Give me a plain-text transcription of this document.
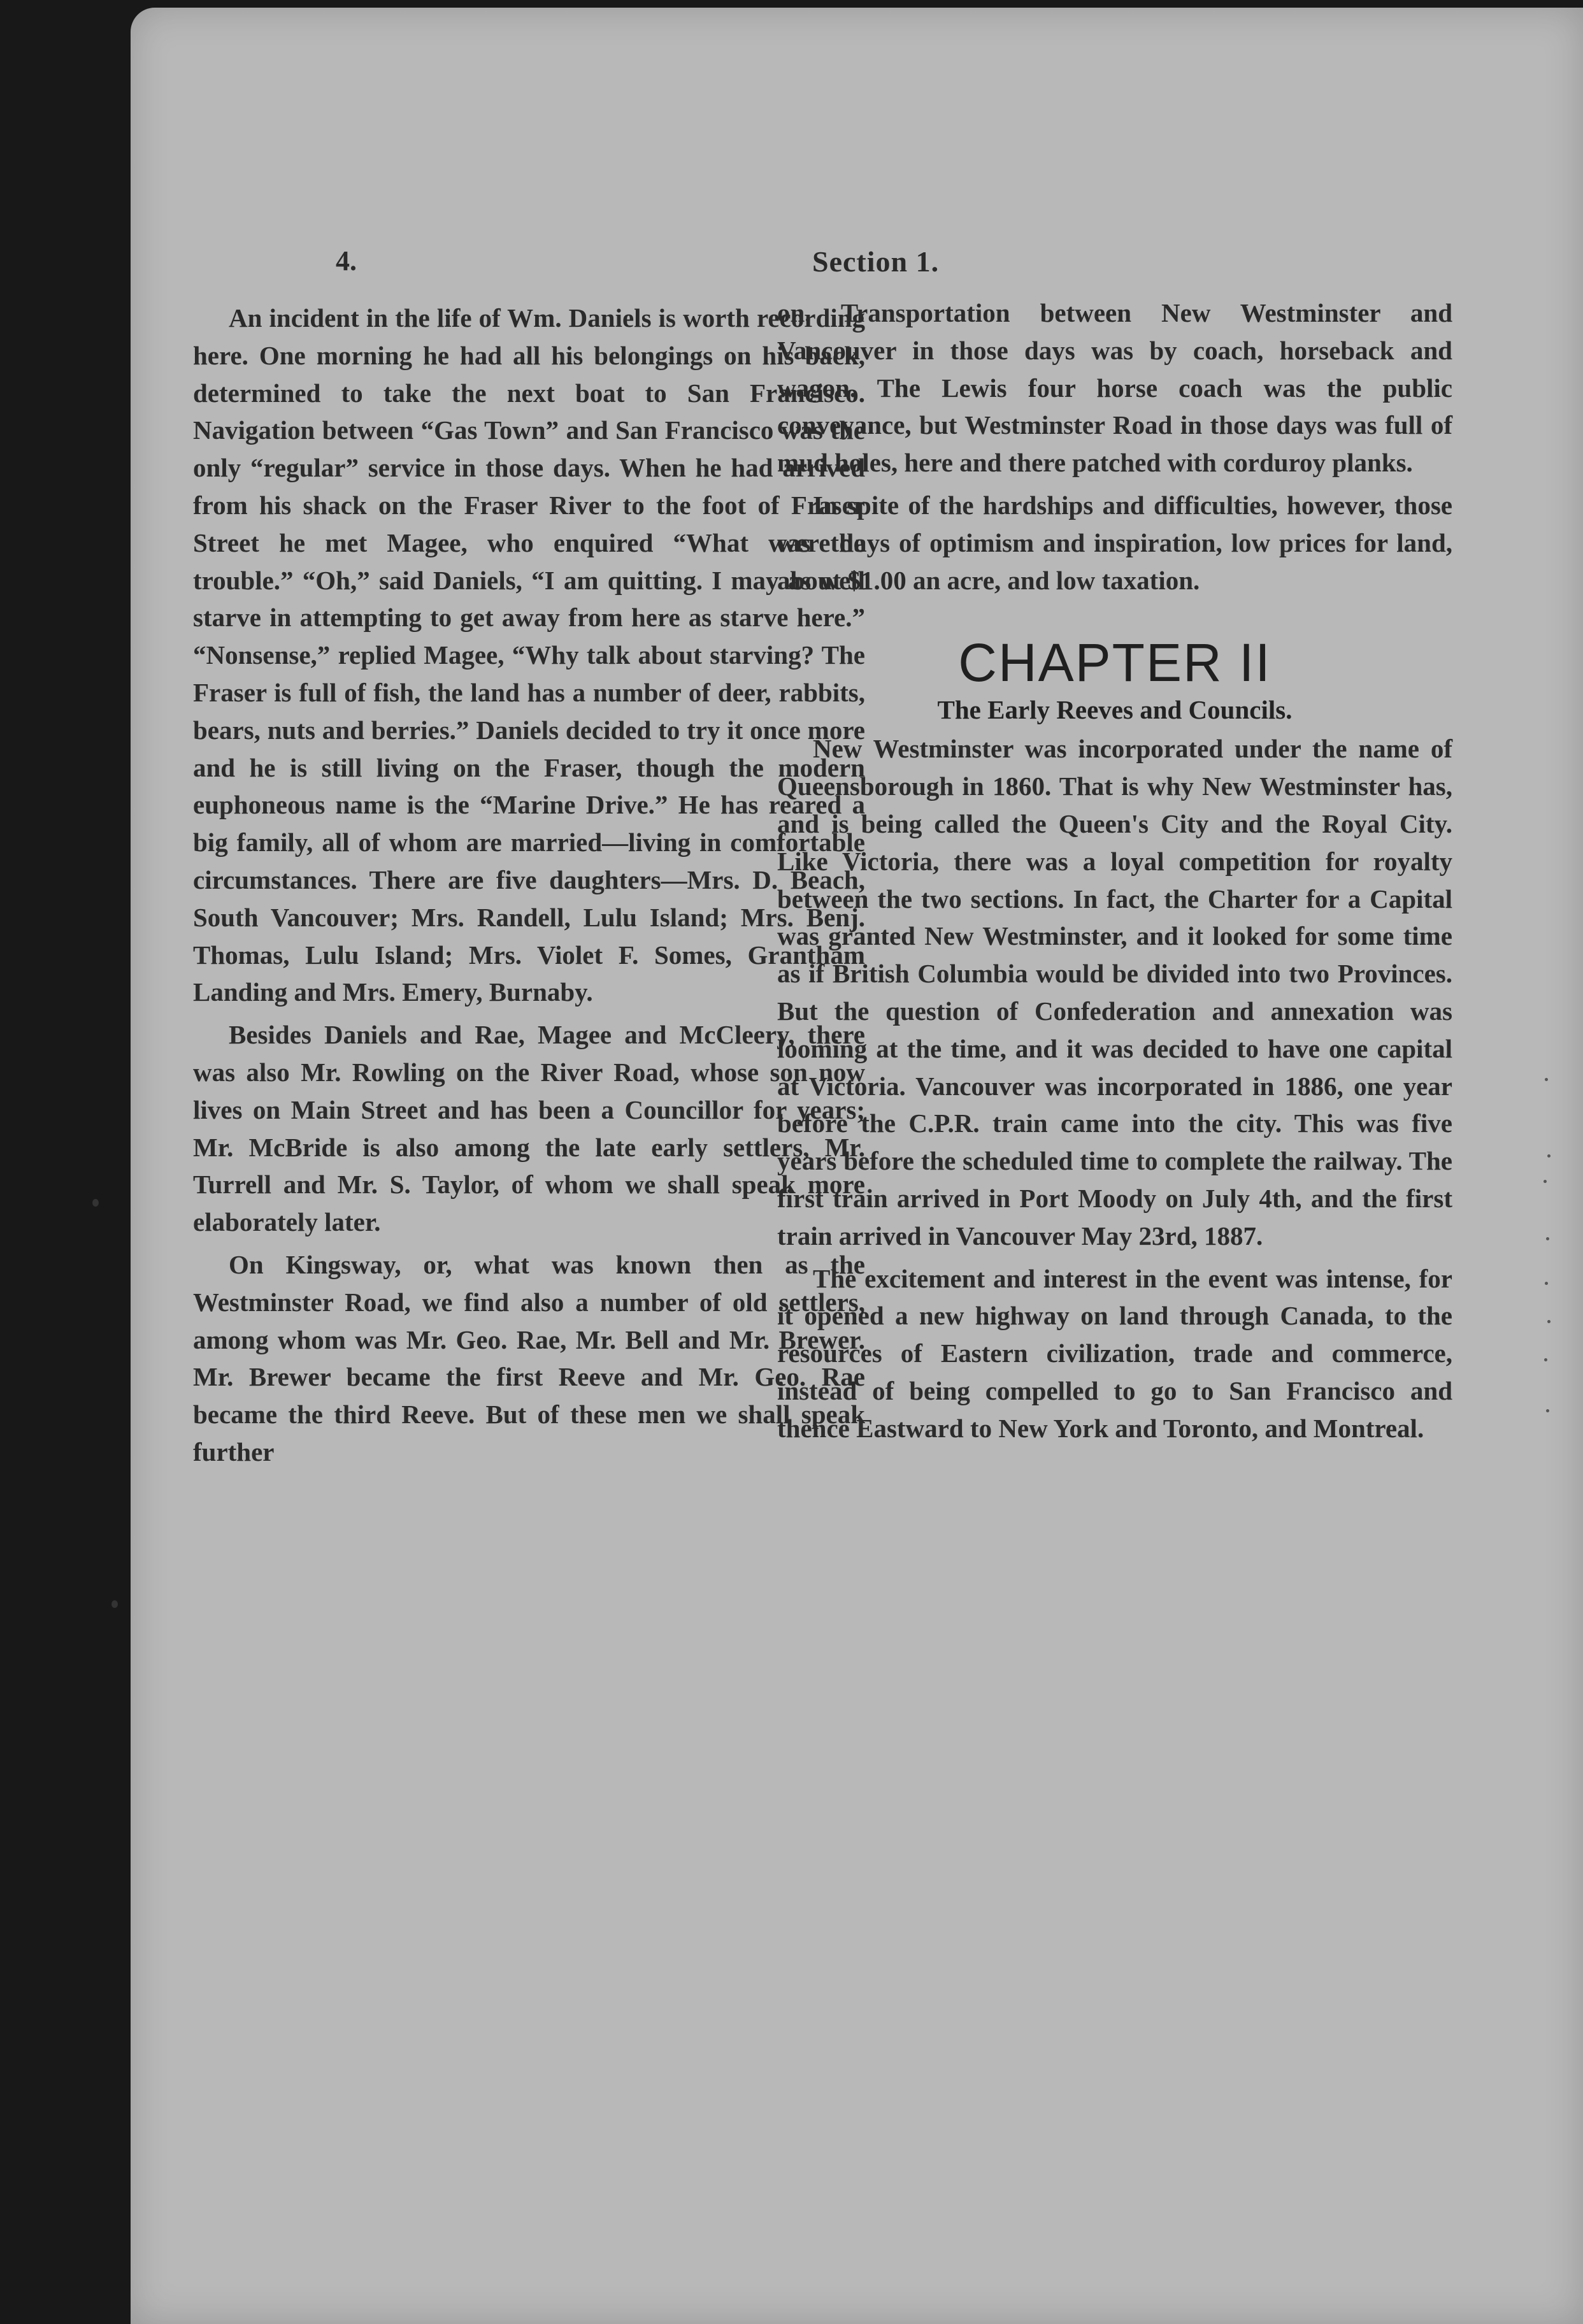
4.	Section 1.

An incident in the life of Wm. Daniels is worth recording here. One morning he had all his belongings on his back, determined to take the next boat to San Francisco. Navigation between “Gas Town” and San Francisco was the only “regular” service in those days. When he had arrived from his shack on the Fraser River to the foot of Fraser Street he met Magee, who enquired “What was the trouble.” “Oh,” said Daniels, “I am quitting. I may as well starve in attempting to get away from here as starve here.” “Nonsense,” replied Magee, “Why talk about starving? The Fraser is full of fish, the land has a number of deer, rabbits, bears, nuts and berries.” Daniels decided to try it once more and he is still living on the Fraser, though the modern euphoneous name is the “Marine Drive.” He has reared a big family, all of whom are married—living in comfortable circumstances. There are five daughters—Mrs. D. Beach, South Vancouver; Mrs. Randell, Lulu Island; Mrs. Benj. Thomas, Lulu Island; Mrs. Violet F. Somes, Grantham Landing and Mrs. Emery, Burnaby.

Besides Daniels and Rae, Magee and McCleery, there was also Mr. Rowling on the River Road, whose son now lives on Main Street and has been a Councillor for years; Mr. McBride is also among the late early settlers, Mr. Turrell and Mr. S. Taylor, of whom we shall speak more elaborately later.

On Kingsway, or, what was known then as the Westminster Road, we find also a number of old settlers, among whom was Mr. Geo. Rae, Mr. Bell and Mr. Brewer. Mr. Brewer became the first Reeve and Mr. Geo. Rae became the third Reeve. But of these men we shall speak further

on. Transportation between New Westminster and Vancouver in those days was by coach, horseback and wagon. The Lewis four horse coach was the public conveyance, but Westminster Road in those days was full of mud holes, here and there patched with corduroy planks.

In spite of the hardships and difficulties, however, those were days of optimism and inspiration, low prices for land, about $1.00 an acre, and low taxation.

CHAPTER II
The Early Reeves and Councils.

New Westminster was incorporated under the name of Queensborough in 1860. That is why New Westminster has, and is being called the Queen's City and the Royal City. Like Victoria, there was a loyal competition for royalty between the two sections. In fact, the Charter for a Capital was granted New Westminster, and it looked for some time as if British Columbia would be divided into two Provinces. But the question of Confederation and annexation was looming at the time, and it was decided to have one capital at Victoria. Vancouver was incorporated in 1886, one year before the C.P.R. train came into the city. This was five years before the scheduled time to complete the railway. The first train arrived in Port Moody on July 4th, and the first train arrived in Vancouver May 23rd, 1887.

The excitement and interest in the event was intense, for it opened a new highway on land through Canada, to the resources of Eastern civilization, trade and commerce, instead of being compelled to go to San Francisco and thence Eastward to New York and Toronto, and Montreal.
